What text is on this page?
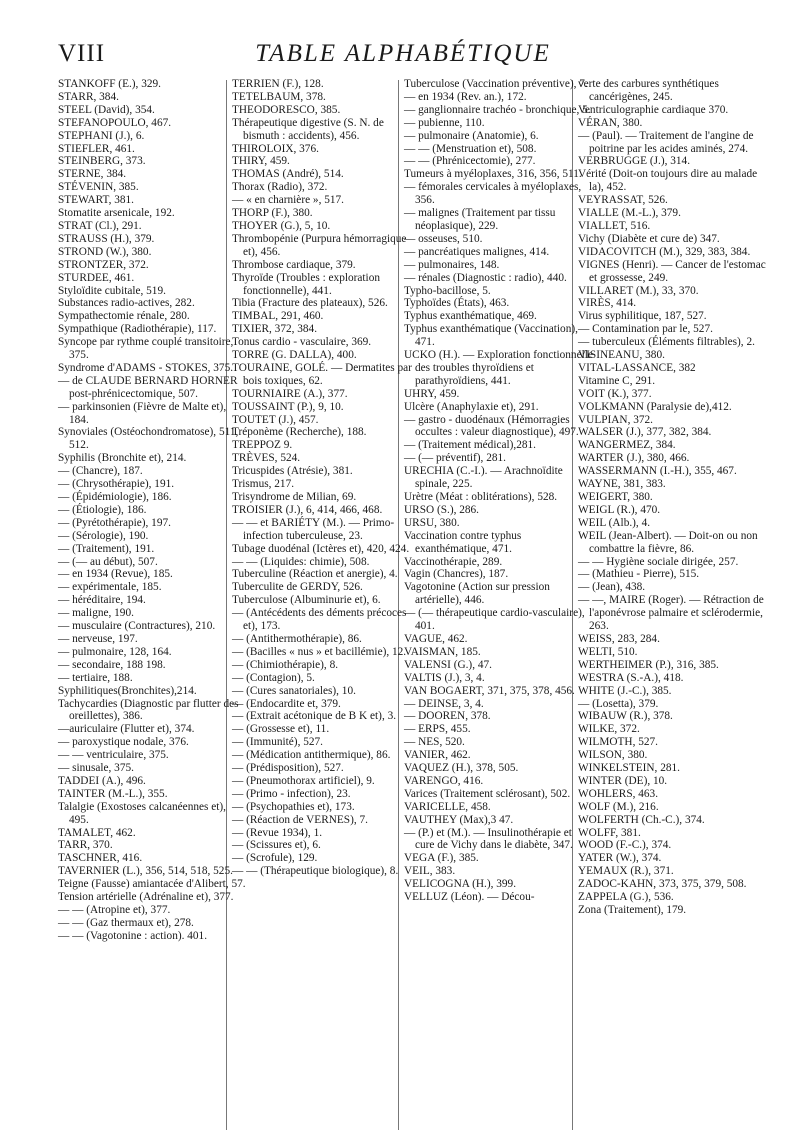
VIII	TABLE ALPHABÉTIQUE
STANKOFF (E.), 329.
STARR, 384.
STEEL (David), 354.
STEFANOPOULO, 467.
STEPHANI (J.), 6.
STIEFLER, 461.
STEINBERG, 373.
STERNE, 384.
STÉVENIN, 385.
STEWART, 381.
Stomatite arsenicale, 192.
STRAT (Cl.), 291.
STRAUSS (H.), 379.
STROND (W.), 380.
STRONTZER, 372.
STURDEE, 461.
Styloïdite cubitale, 519.
Substances radio-actives, 282.
Sympathectomie rénale, 280.
Sympathique (Radiothérapie), 117.
Syncope par rythme couplé transitoire, 375.
Syndrome d'ADAMS - STOKES, 375.
— de CLAUDE BERNARD HORNER post-phrénicectomique, 507.
— parkinsonien (Fièvre de Malte et), 184.
Synoviales (Ostéochondromatose), 511, 512.
Syphilis (Bronchite et), 214.
— (Chancre), 187.
— (Chrysothérapie), 191.
— (Épidémiologie), 186.
— (Étiologie), 186.
— (Pyrétothérapie), 197.
— (Sérologie), 190.
— (Traitement), 191.
— (— au début), 507.
— en 1934 (Revue), 185.
— expérimentale, 185.
— héréditaire, 194.
— maligne, 190.
— musculaire (Contractures), 210.
— nerveuse, 197.
— pulmonaire, 128, 164.
— secondaire, 188 198.
— tertiaire, 188.
Syphilitiques(Bronchites),214.
Tachycardies (Diagnostic par flutter des oreillettes), 386.
—auriculaire (Flutter et), 374.
— paroxystique nodale, 376.
— — ventriculaire, 375.
— sinusale, 375.
TADDEI (A.), 496.
TAINTER (M.-L.), 355.
Talalgie (Exostoses calcanéennes et), 495.
TAMALET, 462.
TARR, 370.
TASCHNER, 416.
TAVERNIER (L.), 356, 514, 518, 525.
Teigne (Fausse) amiantacée d'Alibert, 57.
Tension artérielle (Adrénaline et), 377.
— — (Atropine et), 377.
— — (Gaz thermaux et), 278.
— — (Vagotonine : action). 401.
TERRIEN (F.), 128.
TETELBAUM, 378.
THEODORESCO, 385.
Thérapeutique digestive (S. N. de bismuth : accidents), 456.
THIROLOIX, 376.
THIRY, 459.
THOMAS (André), 514.
Thorax (Radio), 372.
— « en charnière », 517.
THORP (F.), 380.
THOYER (G.), 5, 10.
Thrombopénie (Purpura hémorragique et), 456.
Thrombose cardiaque, 379.
Thyroïde (Troubles : exploration fonctionnelle), 441.
Tibia (Fracture des plateaux), 526.
TIMBAL, 291, 460.
TIXIER, 372, 384.
Tonus cardio - vasculaire, 369.
TORRE (G. DALLA), 400.
TOURAINE, GOLÉ. — Dermatites par bois toxiques, 62.
TOURNIAIRE (A.), 377.
TOUSSAINT (P.), 9, 10.
TOUTET (J.), 457.
Tréponème (Recherche), 188.
TREPPOZ 9.
TRÈVES, 524.
Tricuspides (Atrésie), 381.
Trismus, 217.
Trisyndrome de Milian, 69.
TROISIER (J.), 6, 414, 466, 468.
— — et BARIÉTY (M.). — Primo-infection tuberculeuse, 23.
Tubage duodénal (Ictères et), 420, 424.
— — (Liquides: chimie), 508.
Tuberculine (Réaction et anergie), 4.
Tuberculite de GERDY, 526.
Tuberculose (Albuminurie et), 6.
— (Antécédents des déments précoces et), 173.
— (Antithermothérapie), 86.
— (Bacilles « nus » et bacillémie), 12.
— (Chimiothérapie), 8.
— (Contagion), 5.
— (Cures sanatoriales), 10.
— (Endocardite et, 379.
— (Extrait acétonique de B K et), 3.
— (Grossesse et), 11.
— (Immunité), 527.
— (Médication antithermique), 86.
— (Prédisposition), 527.
— (Pneumothorax artificiel), 9.
— (Primo - infection), 23.
— (Psychopathies et), 173.
— (Réaction de VERNES), 7.
— (Revue 1934), 1.
— (Scissures et), 6.
— (Scrofule), 129.
— — (Thérapeutique biologique), 8.
Tuberculose (Vaccination préventive), 7.
— en 1934 (Rev. an.), 172.
— ganglionnaire trachéo - bronchique, 5.
— pubienne, 110.
— pulmonaire (Anatomie), 6.
— — (Menstruation et), 508.
— — (Phrénicectomie), 277.
Tumeurs à myéloplaxes, 316, 356, 511.
— fémorales cervicales à myéloplaxes, 356.
— malignes (Traitement par tissu néoplasique), 229.
— osseuses, 510.
— pancréatiques malignes, 414.
— pulmonaires, 148.
— rénales (Diagnostic : radio), 440.
Typho-bacillose, 5.
Typhoïdes (États), 463.
Typhus exanthématique, 469.
Typhus exanthématique (Vaccination), 471.
UCKO (H.). — Exploration fonctionnelle des troubles thyroïdiens et parathyroïdiens, 441.
UHRY, 459.
Ulcère (Anaphylaxie et), 291.
— gastro - duodénaux (Hémorragies occultes : valeur diagnostique), 497.
— (Traitement médical),281.
— (— préventif), 281.
URECHIA (C.-I.). — Arachnoïdite spinale, 225.
Urètre (Méat : oblitérations), 528.
URSO (S.), 286.
URSU, 380.
Vaccination contre typhus exanthématique, 471.
Vaccinothérapie, 289.
Vagin (Chancres), 187.
Vagotonine (Action sur pression artérielle), 446.
— (— thérapeutique cardio-vasculaire), 401.
VAGUE, 462.
VAISMAN, 185.
VALENSI (G.), 47.
VALTIS (J.), 3, 4.
VAN BOGAERT, 371, 375, 378, 456.
— DEINSE, 3, 4.
— DOOREN, 378.
— ERPS, 455.
— NES, 520.
VANIER, 462.
VAQUEZ (H.), 378, 505.
VARENGO, 416.
Varices (Traitement sclérosant), 502.
VARICELLE, 458.
VAUTHEY (Max),3 47.
— (P.) et (M.). — Insulinothérapie et cure de Vichy dans le diabète, 347.
VEGA (F.), 385.
VEIL, 383.
VELICOGNA (H.), 399.
VELLUZ (Léon). — Décou-
verte des carbures synthétiques cancérigènes, 245.
Ventriculographie cardiaque 370.
VÉRAN, 380.
— (Paul). — Traitement de l'angine de poitrine par les acides aminés, 274.
VERBRUGGE (J.), 314.
Vérité (Doit-on toujours dire au malade la), 452.
VEYRASSAT, 526.
VIALLE (M.-L.), 379.
VIALLET, 516.
Vichy (Diabète et cure de) 347.
VIDACOVITCH (M.), 329, 383, 384.
VIGNES (Henri). — Cancer de l'estomac et grossesse, 249.
VILLARET (M.), 33, 370.
VIRÈS, 414.
Virus syphilitique, 187, 527.
— Contamination par le, 527.
— tuberculeux (Éléments filtrables), 2.
VISINEANU, 380.
VITAL-LASSANCE, 382
Vitamine C, 291.
VOIT (K.), 377.
VOLKMANN (Paralysie de),412.
VULPIAN, 372.
WALSER (J.), 377, 382, 384.
WANGERMEZ, 384.
WARTER (J.), 380, 466.
WASSERMANN (I.-H.), 355, 467.
WAYNE, 381, 383.
WEIGERT, 380.
WEIGL (R.), 470.
WEIL (Alb.), 4.
WEIL (Jean-Albert). — Doit-on ou non combattre la fièvre, 86.
— — Hygiène sociale dirigée, 257.
— (Mathieu - Pierre), 515.
— (Jean), 438.
— —, MAIRE (Roger). — Rétraction de l'aponévrose palmaire et sclérodermie, 263.
WEISS, 283, 284.
WELTI, 510.
WERTHEIMER (P.), 316, 385.
WESTRA (S.-A.), 418.
WHITE (J.-C.), 385.
— (Losetta), 379.
WIBAUW (R.), 378.
WILKE, 372.
WILMOTH, 527.
WILSON, 380.
WINKELSTEIN, 281.
WINTER (DE), 10.
WOHLERS, 463.
WOLF (M.), 216.
WOLFERTH (Ch.-C.), 374.
WOLFF, 381.
WOOD (F.-C.), 374.
YATER (W.), 374.
YEMAUX (R.), 371.
ZADOC-KAHN, 373, 375, 379, 508.
ZAPPELA (G.), 536.
Zona (Traitement), 179.
